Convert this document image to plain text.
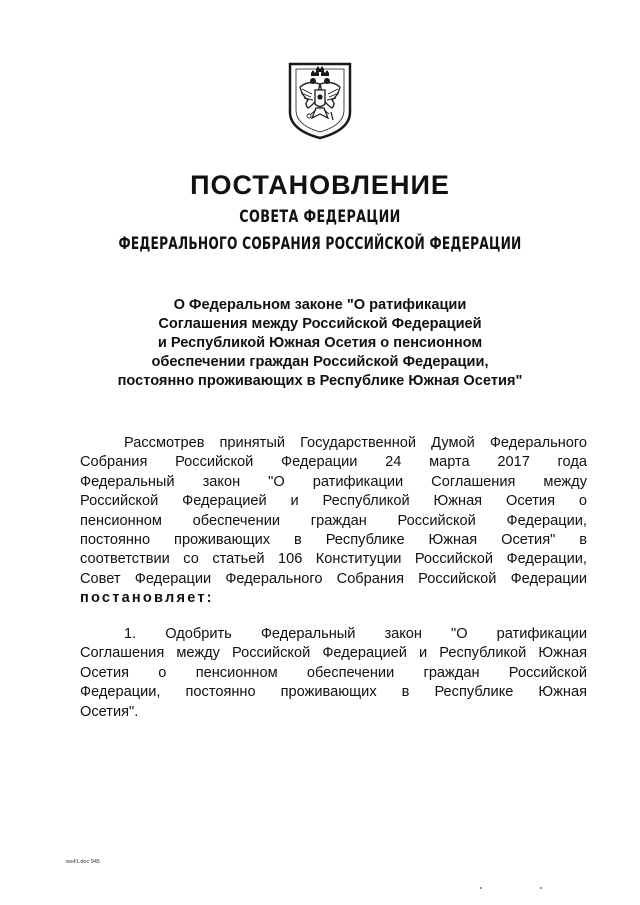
ПОСТАНОВЛЕНИЕ
СОВЕТА ФЕДЕРАЦИИ
ФЕДЕРАЛЬНОГО СОБРАНИЯ РОССИЙСКОЙ ФЕДЕРАЦИИ
О Федеральном законе "О ратификации
Соглашения между Российской Федерацией
и Республикой Южная Осетия о пенсионном
обеспечении граждан Российской Федерации,
постоянно проживающих в Республике Южная Осетия"
Рассмотрев принятый Государственной Думой Федерального
Собрания Российской Федерации 24 марта 2017 года
Федеральный закон "О ратификации Соглашения между
Российской Федерацией и Республикой Южная Осетия о
пенсионном обеспечении граждан Российской Федерации,
постоянно проживающих в Республике Южная Осетия" в
соответствии со статьей 106 Конституции Российской Федерации,
Совет Федерации Федерального Собрания Российской Федерации
постановляет:
1. Одобрить Федеральный закон "О ратификации
Соглашения между Российской Федерацией и Республикой Южная
Осетия о пенсионном обеспечении граждан Российской
Федерации, постоянно проживающих в Республике Южная
Осетия".
ws41.doc 945
